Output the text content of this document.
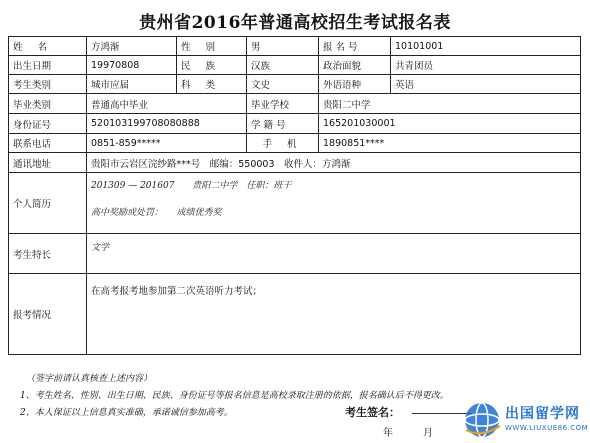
贵州省2016年普通高校招生考试报名表
姓 名	方鸿渐	性 别	男	报 名 号	10101001
出生日期	19970808	民 族	汉族	政治面貌	共青团员
考生类别	城市应届	科 类	文史	外语语种	英语
毕业类别	普通高中毕业		毕业学校	贵阳二中学	
身份证号	520103199708080888		学 籍 号	165201030001	
联系电话	0851-859*****		手 机	1890851****	
通讯地址	贵阳市云岩区浣纱路***号　邮编：550003　收件人：方鸿渐				
个人简历	201309 — 201607　　贵阳二中学　任职：班干
高中奖励或处罚：　　成绩优秀奖				

考生特长	文学				
报考情况	在高考报考地参加第二次英语听力考试；				
（签字前请认真核查上述内容）
1、考生姓名、性别、出生日期、民族、身份证号等报名信息是高校录取注册的依据，报名确认后不得更改。
2、本人保证以上信息真实准确，承诺诚信参加高考。	考生签名：
年月
出国留学网
WWW.LIUXUE86.COM
